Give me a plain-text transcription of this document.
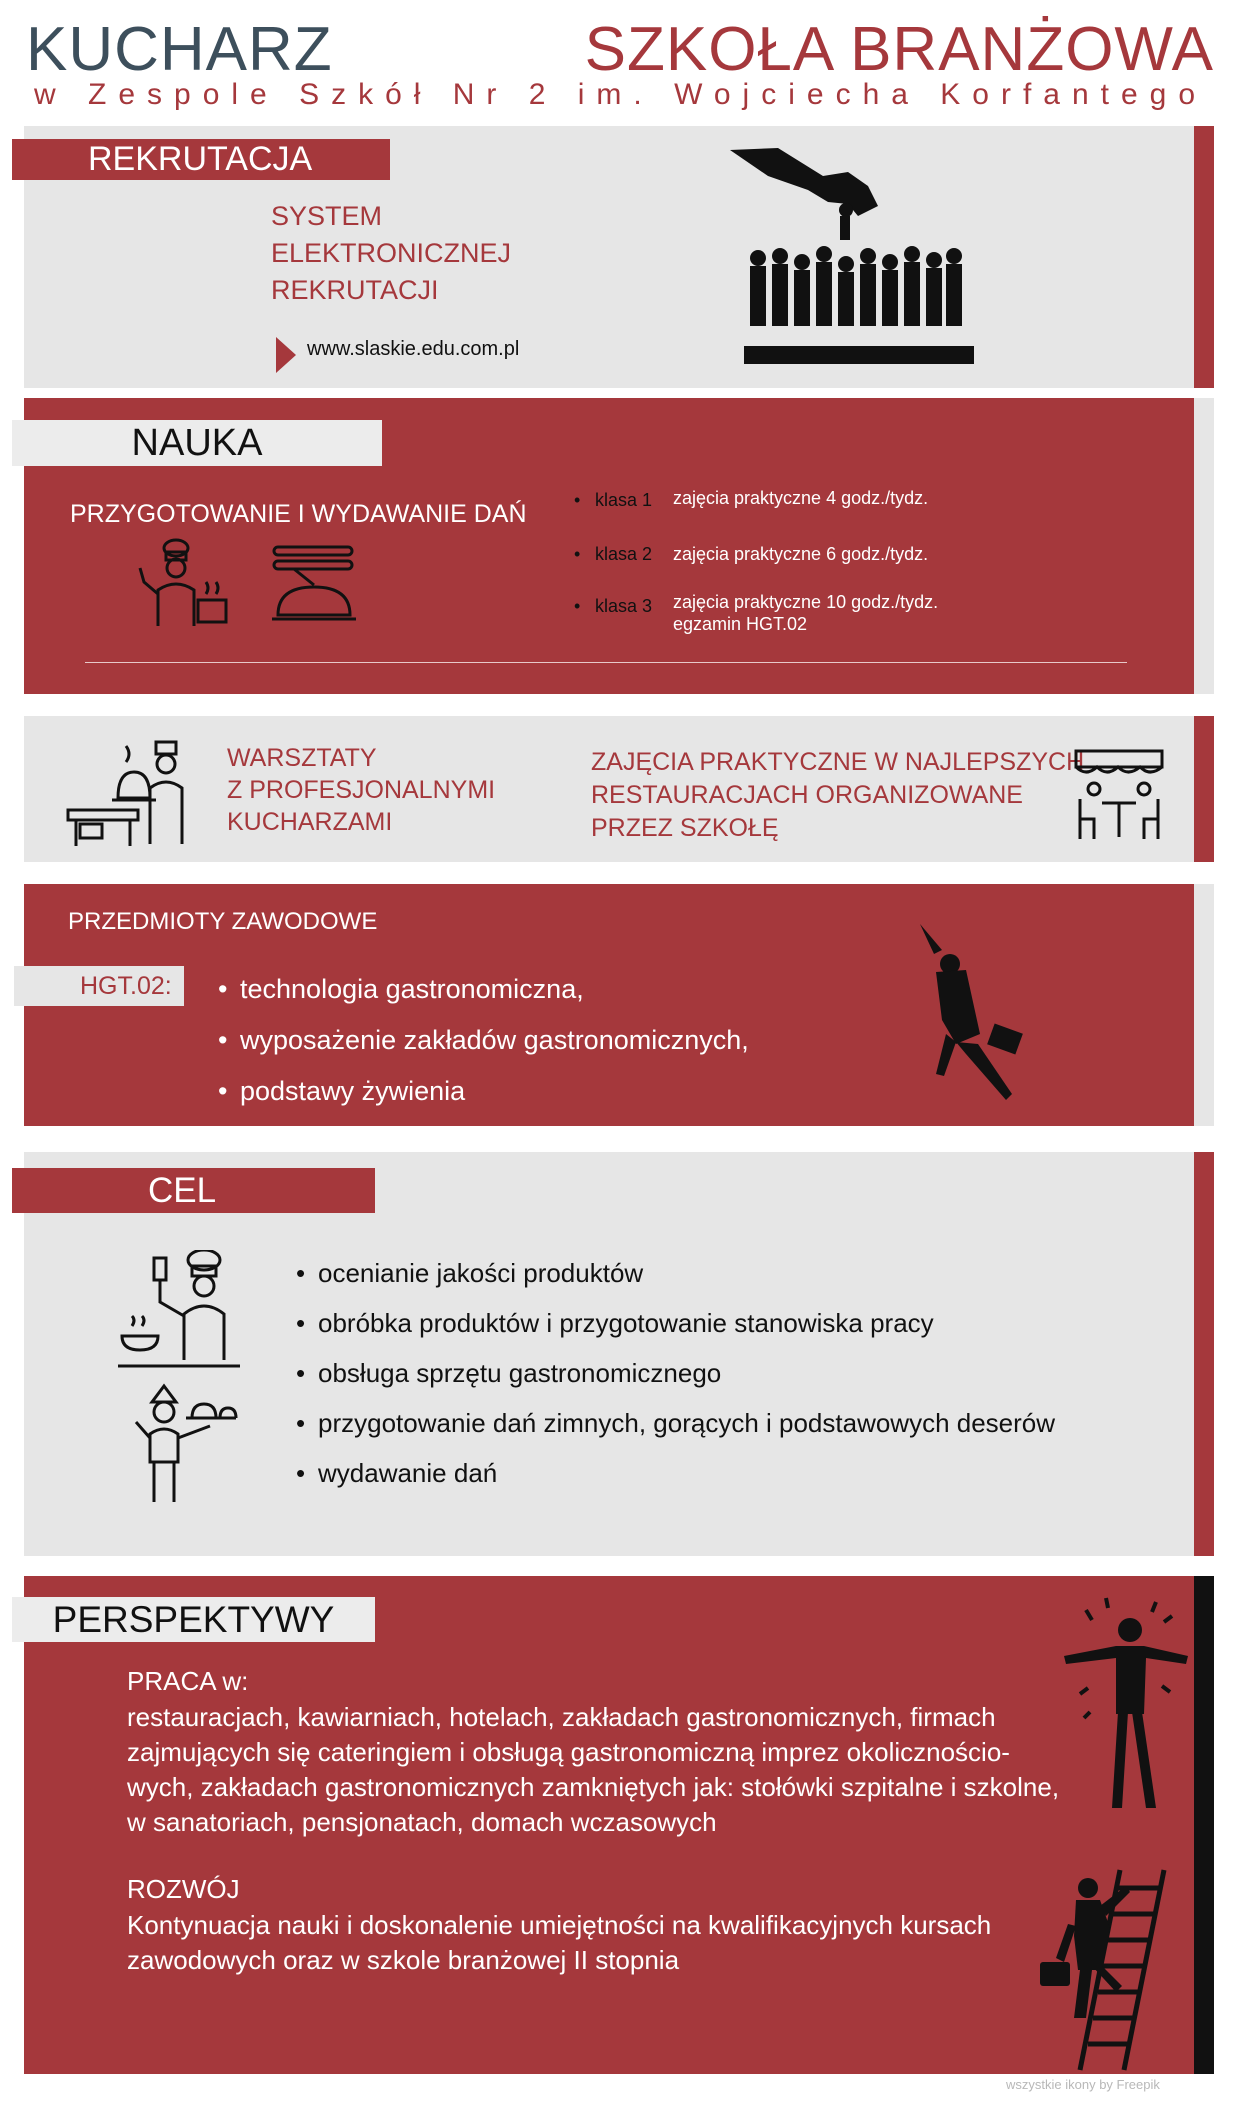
KUCHARZ	SZKOŁA BRANŻOWA
w Zespole Szkół Nr 2 im. Wojciecha Korfantego
REKRUTACJA
SYSTEM
ELEKTRONICZNEJ
REKRUTACJI
www.slaskie.edu.com.pl
NAUKA
PRZYGOTOWANIE I WYDAWANIE DAŃ	• klasa 1 zajęcia praktyczne 4 godz./tydz.
• klasa 2 zajęcia praktyczne 6 godz./tydz.
• klasa 3 zajęcia praktyczne 10 godz./tydz.
egzamin HGT.02
WARSZTATY
Z PROFESJONALNYMI
KUCHARZAMI
ZAJĘCIA PRAKTYCZNE W NAJLEPSZYCH
RESTAURACJACH ORGANIZOWANE
PRZEZ SZKOŁĘ
PRZEDMIOTY ZAWODOWE
HGT.02:
•	technologia gastronomiczna,
• wyposażenie zakładów gastronomicznych,
• podstawy żywienia
CEL
• ocenianie jakości produktów
• obróbka produktów i przygotowanie stanowiska pracy
• obsługa sprzętu gastronomicznego
• przygotowanie dań zimnych, gorących i podstawowych deserów
• wydawanie dań
PERSPEKTYWY
PRACA w:
restauracjach, kawiarniach, hotelach, zakładach gastronomicznych, firmach
zajmujących się cateringiem i obsługą gastronomiczną imprez okolicznościo-
wych, zakładach gastronomicznych zamkniętych jak: stołówki szpitalne i szkolne,
w sanatoriach, pensjonatach, domach wczasowych
ROZWÓJ
Kontynuacja nauki i doskonalenie umiejętności na kwalifikacyjnych kursach
zawodowych oraz w szkole branżowej II stopnia
wszystkie ikony by Freepik
